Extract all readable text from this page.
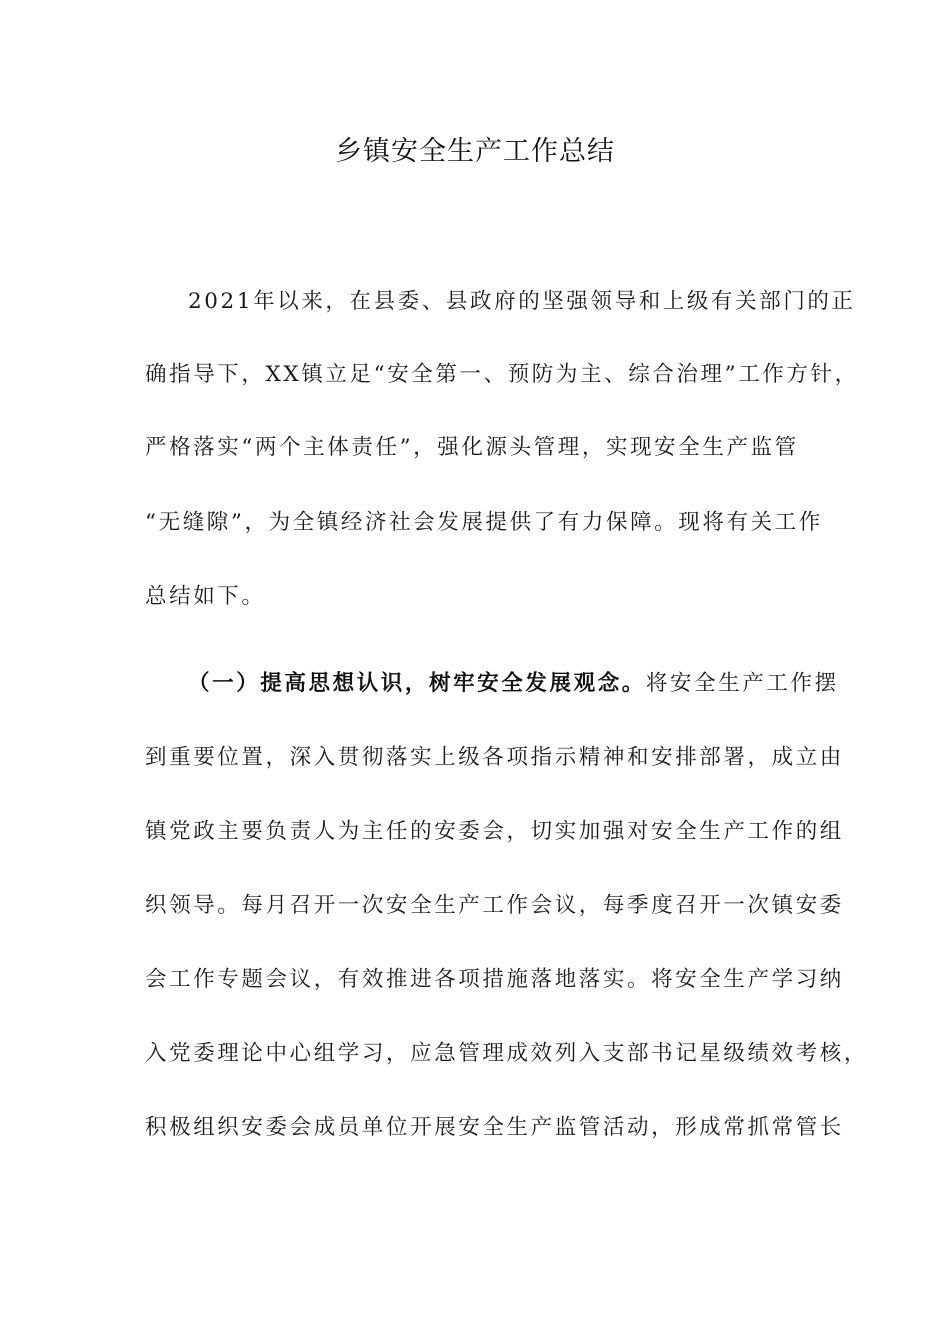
乡镇安全生产工作总结
2021年以来，在县委、县政府的坚强领导和上级有关部门的正
确指导下，XX镇立足“安全第一、预防为主、综合治理”工作方针，
严格落实“两个主体责任”，强化源头管理，实现安全生产监管
“无缝隙”，为全镇经济社会发展提供了有力保障。现将有关工作
总结如下。
（一）提高思想认识，树牢安全发展观念。将安全生产工作摆
到重要位置，深入贯彻落实上级各项指示精神和安排部署，成立由
镇党政主要负责人为主任的安委会，切实加强对安全生产工作的组
织领导。每月召开一次安全生产工作会议，每季度召开一次镇安委
会工作专题会议，有效推进各项措施落地落实。将安全生产学习纳
入党委理论中心组学习，应急管理成效列入支部书记星级绩效考核，
积极组织安委会成员单位开展安全生产监管活动，形成常抓常管长
